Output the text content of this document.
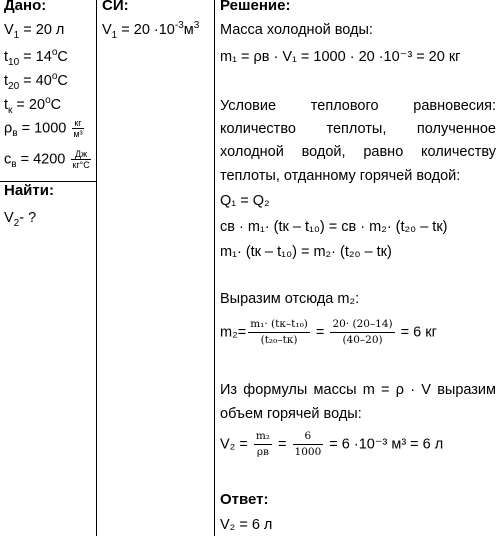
Дано:	СИ:	Решение:
Найти:
$V_1 = 20$ л
$t_{10} = 14^oC$
$t_{20} = 40^oC$
$t_к = 20^oC$
$\rho_в = 1000 \frac{кг}{\text{м³}}$
$c_в = 4200 \frac{Дж}{кг^\circ С}$
$V_2-$ ?
$V_1 = 20 \cdot 10^{-3}м^3$ Масса холодной воды:
m₁ = ρв · V₁ = 1000 · 20 ·10⁻³ = 20 кг
Условие теплового равновесия:
количество теплоты, полученное
холодной водой, равно количеству
теплоты, отданному горячей водой:
Q₁ = Q₂
cв · m₁· (tк – t₁₀) = cв · m₂· (t₂₀ – tк)
m₁· (tк – t₁₀) = m₂· (t₂₀ – tк)
Выразим отсюда m₂:
$m_2= \frac{\text{m₁· (tк–t₁₀)}}{\text{(t₂₀–tк)}} = \frac{20\cdot (20-14)}{(40-20)} = 6$ кг
Из формулы массы m = ρ · V выразим
объем горячей воды:
$V_2 = \frac{\text{m₂}}{\rho в} = \frac{6}{1000} = 6 \cdot 10^{-3}$ м³ = 6 л
Ответ:
V₂ = 6 л
